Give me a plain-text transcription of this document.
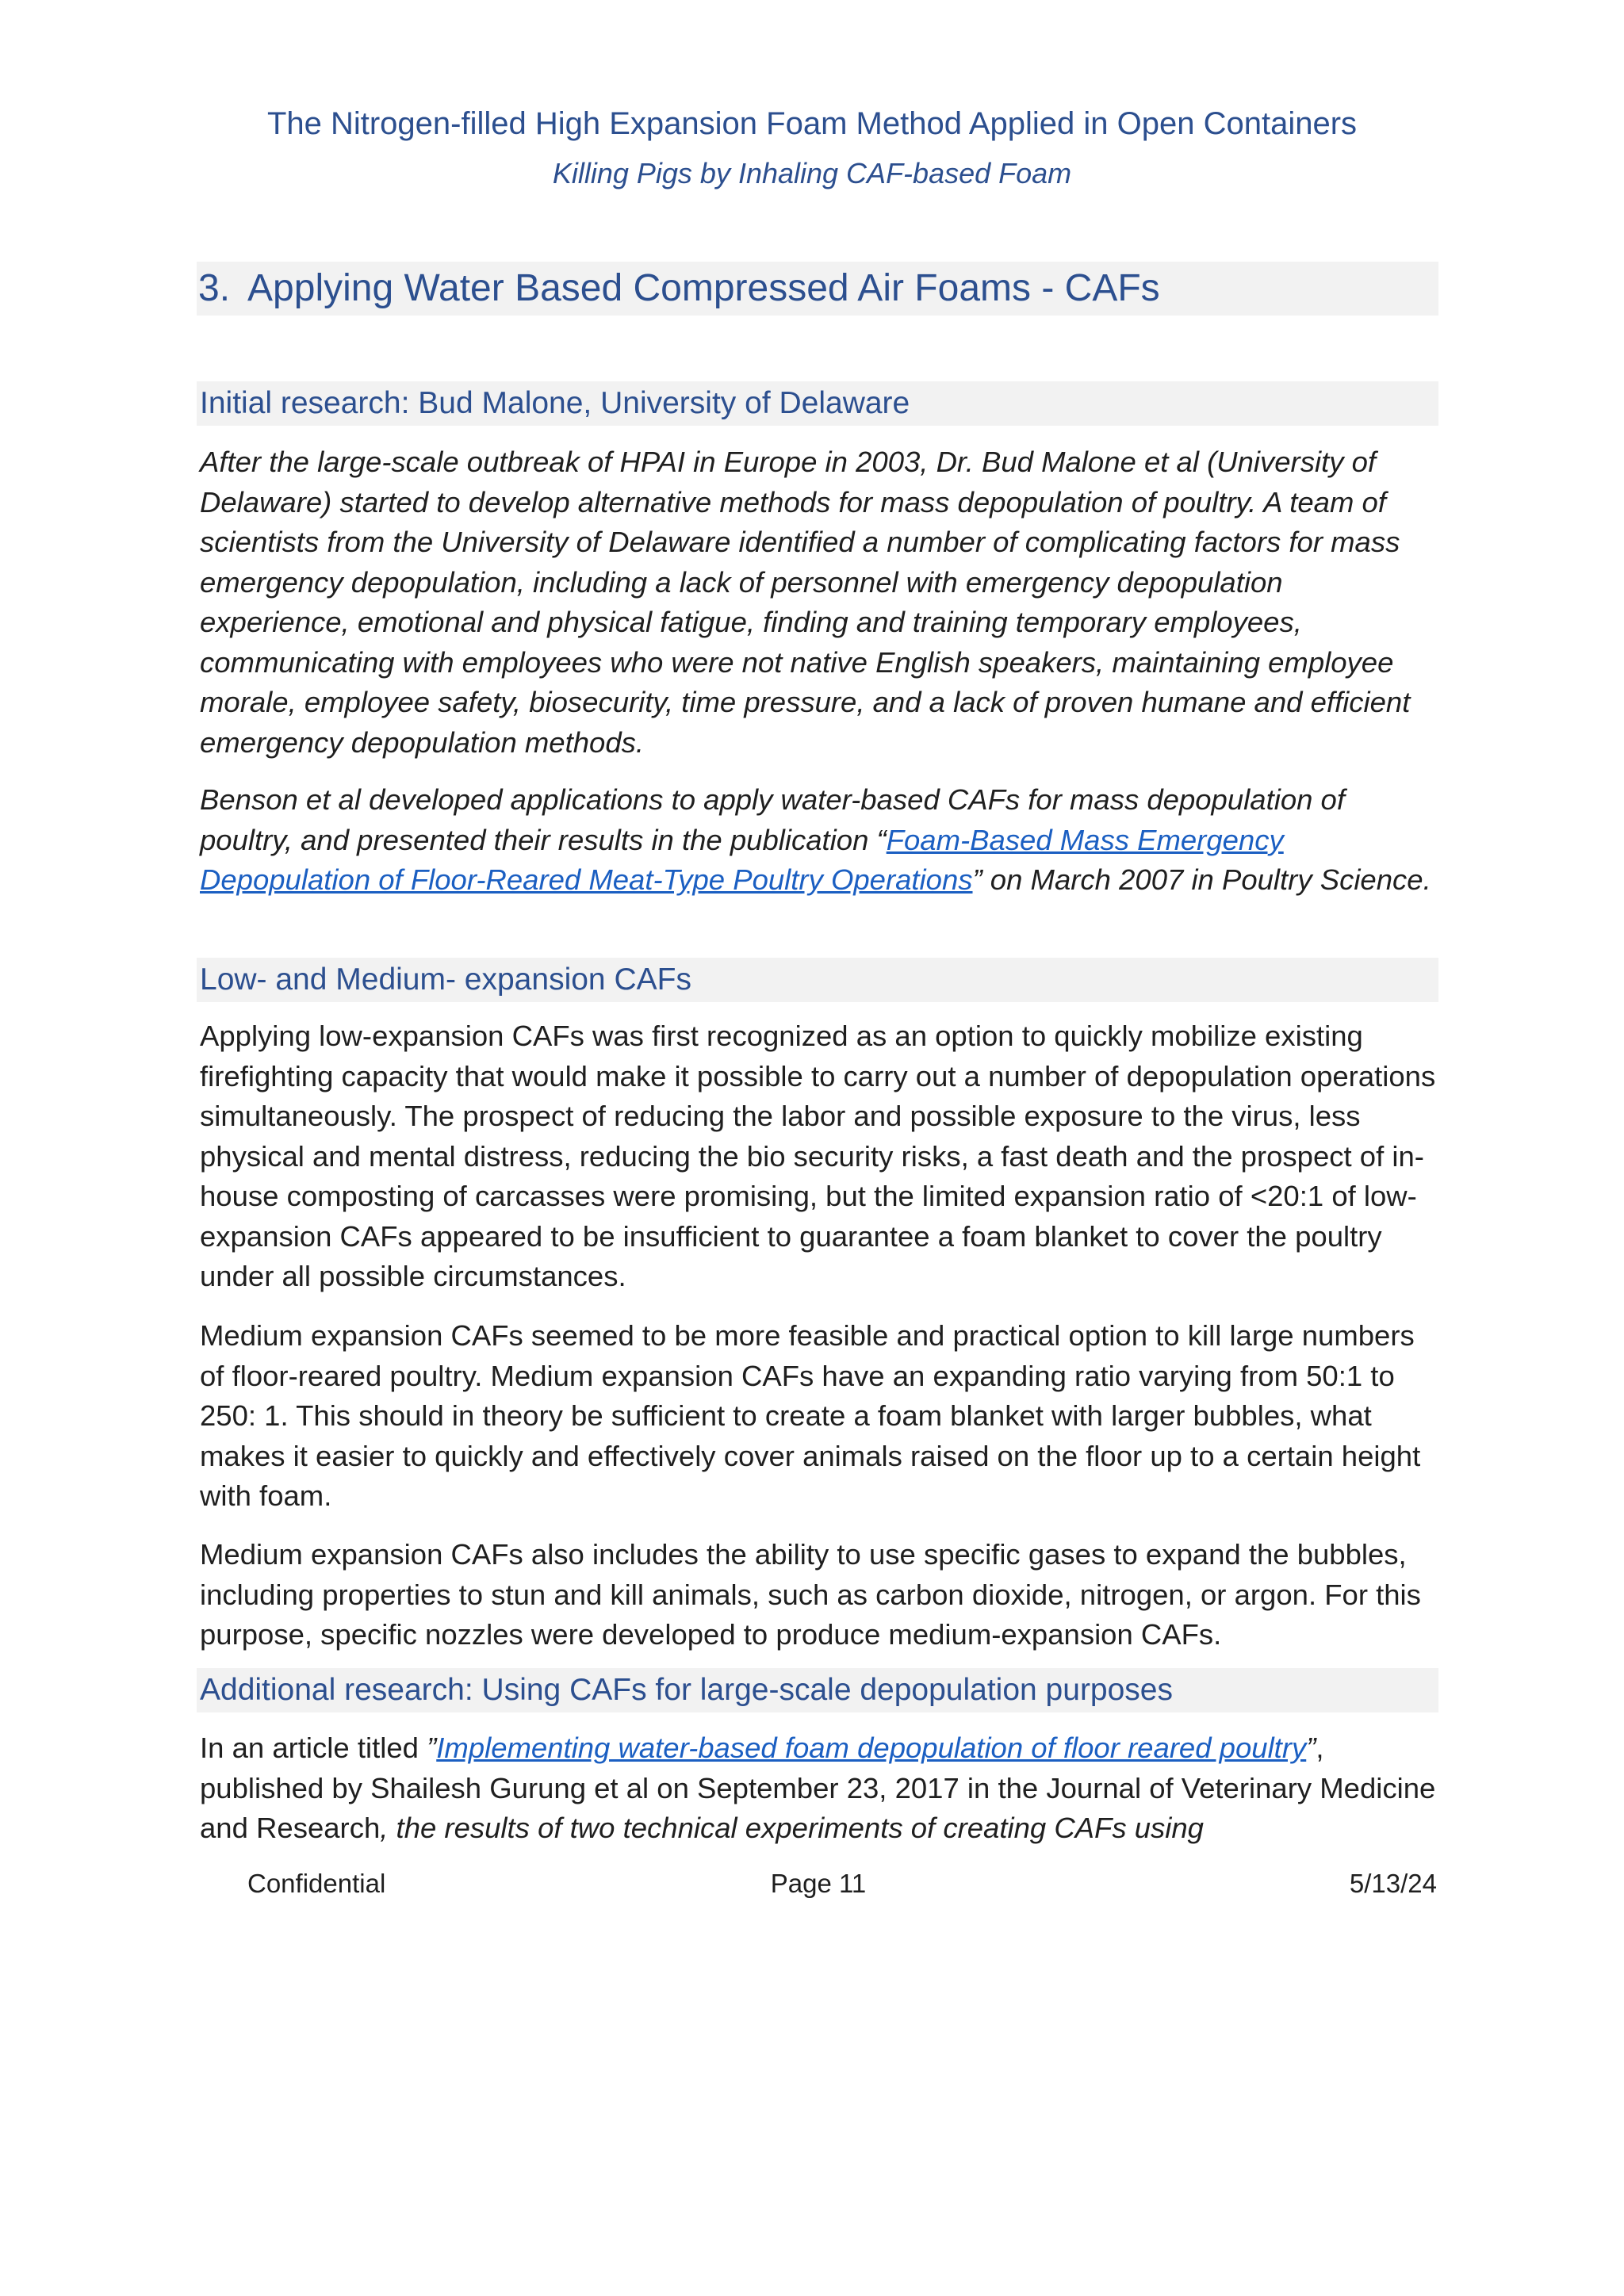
The Nitrogen-filled High Expansion Foam Method Applied in Open Containers
Killing Pigs by Inhaling CAF-based Foam
3. Applying Water Based Compressed Air Foams - CAFs
Initial research: Bud Malone, University of Delaware

After the large-scale outbreak of HPAI in Europe in 2003, Dr. Bud Malone et al (University of Delaware) started to develop alternative methods for mass depopulation of poultry. A team of scientists from the University of Delaware identified a number of complicating factors for mass emergency depopulation, including a lack of personnel with emergency depopulation experience, emotional and physical fatigue, finding and training temporary employees, communicating with employees who were not native English speakers, maintaining employee morale, employee safety, biosecurity, time pressure, and a lack of proven humane and efficient emergency depopulation methods.

Benson et al developed applications to apply water-based CAFs for mass depopulation of poultry, and presented their results in the publication “Foam-Based Mass Emergency Depopulation of Floor-Reared Meat-Type Poultry Operations” on March 2007 in Poultry Science.

Low- and Medium- expansion CAFs

Applying low-expansion CAFs was first recognized as an option to quickly mobilize existing firefighting capacity that would make it possible to carry out a number of depopulation operations simultaneously. The prospect of reducing the labor and possible exposure to the virus, less physical and mental distress, reducing the bio security risks, a fast death and the prospect of in-house composting of carcasses were promising, but the limited expansion ratio of <20:1 of low-expansion CAFs appeared to be insufficient to guarantee a foam blanket to cover the poultry under all possible circumstances.

Medium expansion CAFs seemed to be more feasible and practical option to kill large numbers of floor-reared poultry. Medium expansion CAFs have an expanding ratio varying from 50:1 to 250: 1. This should in theory be sufficient to create a foam blanket with larger bubbles, what makes it easier to quickly and effectively cover animals raised on the floor up to a certain height with foam.

Medium expansion CAFs also includes the ability to use specific gases to expand the bubbles, including properties to stun and kill animals, such as carbon dioxide, nitrogen, or argon. For this purpose, specific nozzles were developed to produce medium-expansion CAFs.

Additional research: Using CAFs for large-scale depopulation purposes

In an article titled ”Implementing water-based foam depopulation of floor reared poultry”, published by Shailesh Gurung et al on September 23, 2017 in the Journal of Veterinary Medicine and Research, the results of two technical experiments of creating CAFs using

Confidential	Page 11	5/13/24
